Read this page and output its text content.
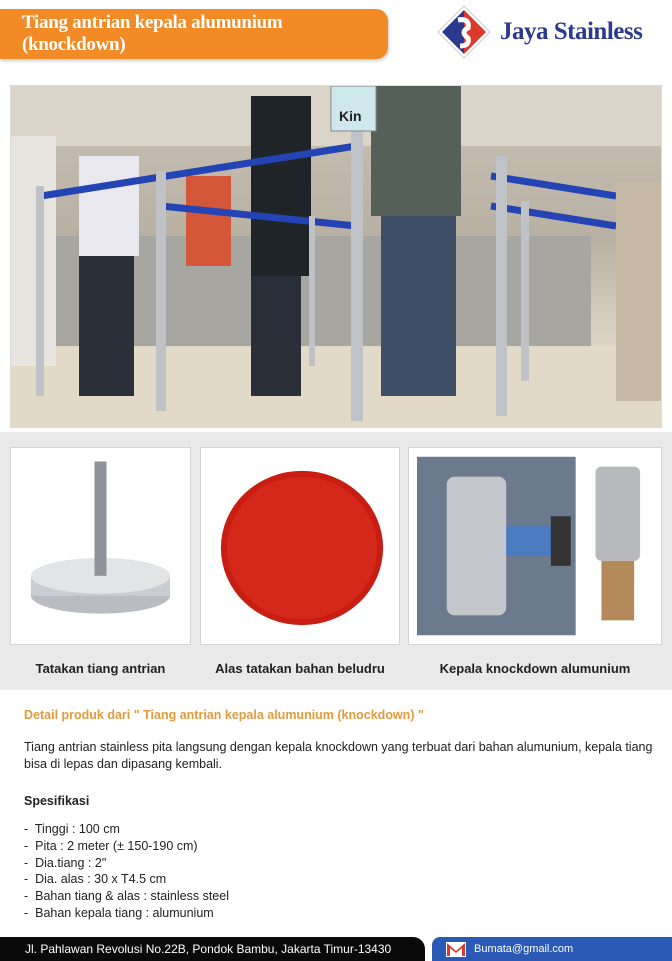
Tiang antrian kepala alumunium (knockdown)	Jaya Stainless
Kin
Tatakan tiang antrian	Alas tatakan bahan beludru	Kepala knockdown alumunium
Detail produk dari " Tiang antrian kepala alumunium (knockdown) "
Tiang antrian stainless pita langsung dengan kepala knockdown yang terbuat dari bahan alumunium, kepala tiang bisa di lepas dan dipasang kembali.
Spesifikasi
- Tinggi : 100 cm
- Pita : 2 meter (± 150-190 cm)
- Dia.tiang : 2"
- Dia. alas : 30 x T4.5 cm
- Bahan tiang & alas : stainless steel
- Bahan kepala tiang : alumunium
Jl. Pahlawan Revolusi No.22B, Pondok Bambu, Jakarta Timur-13430	Bumata@gmail.com
